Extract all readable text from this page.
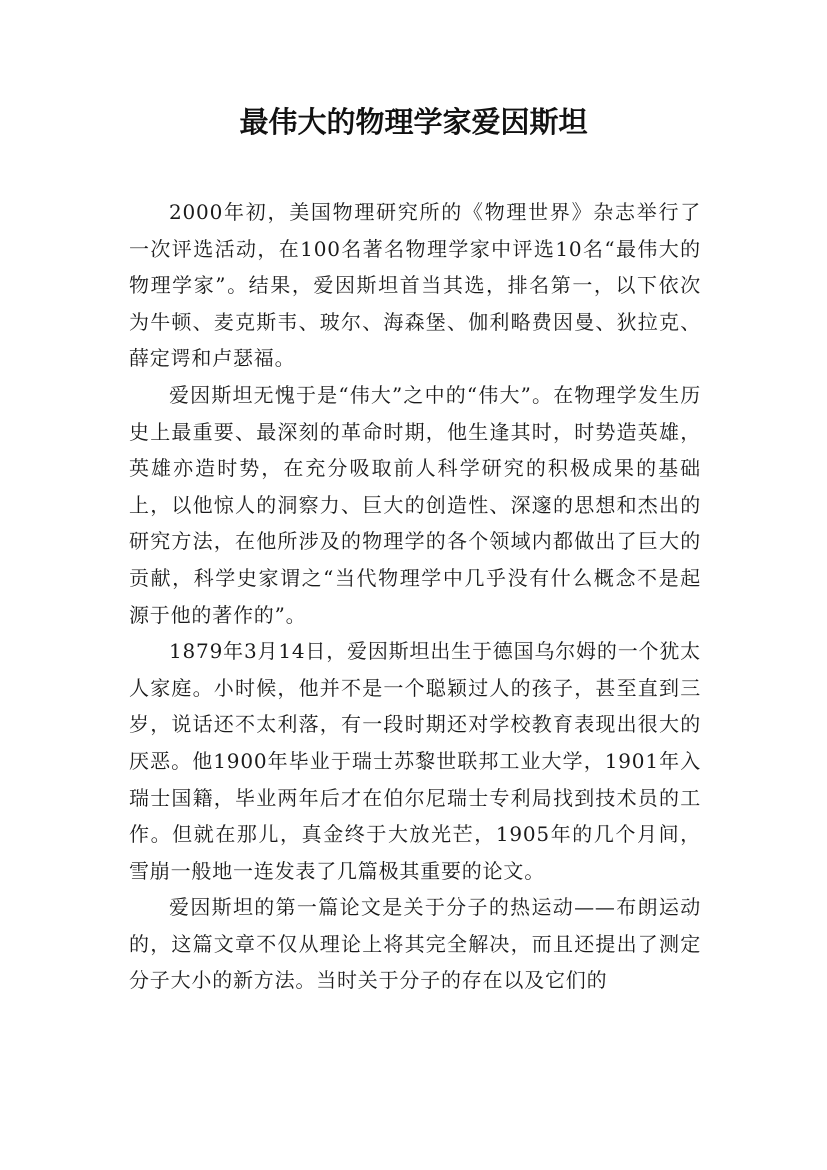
最伟大的物理学家爱因斯坦

2000年初，美国物理研究所的《物理世界》杂志举行了一次评选活动，在100名著名物理学家中评选10名“最伟大的物理学家”。结果，爱因斯坦首当其选，排名第一，以下依次为牛顿、麦克斯韦、玻尔、海森堡、伽利略费因曼、狄拉克、薛定谔和卢瑟福。

爱因斯坦无愧于是“伟大”之中的“伟大”。在物理学发生历史上最重要、最深刻的革命时期，他生逢其时，时势造英雄，英雄亦造时势，在充分吸取前人科学研究的积极成果的基础上，以他惊人的洞察力、巨大的创造性、深邃的思想和杰出的研究方法，在他所涉及的物理学的各个领域内都做出了巨大的贡献，科学史家谓之“当代物理学中几乎没有什么概念不是起源于他的著作的”。

1879年3月14日，爱因斯坦出生于德国乌尔姆的一个犹太人家庭。小时候，他并不是一个聪颖过人的孩子，甚至直到三岁，说话还不太利落，有一段时期还对学校教育表现出很大的厌恶。他1900年毕业于瑞士苏黎世联邦工业大学，1901年入瑞士国籍，毕业两年后才在伯尔尼瑞士专利局找到技术员的工作。但就在那儿，真金终于大放光芒，1905年的几个月间，雪崩一般地一连发表了几篇极其重要的论文。

爱因斯坦的第一篇论文是关于分子的热运动——布朗运动的，这篇文章不仅从理论上将其完全解决，而且还提出了测定分子大小的新方法。当时关于分子的存在以及它们的
